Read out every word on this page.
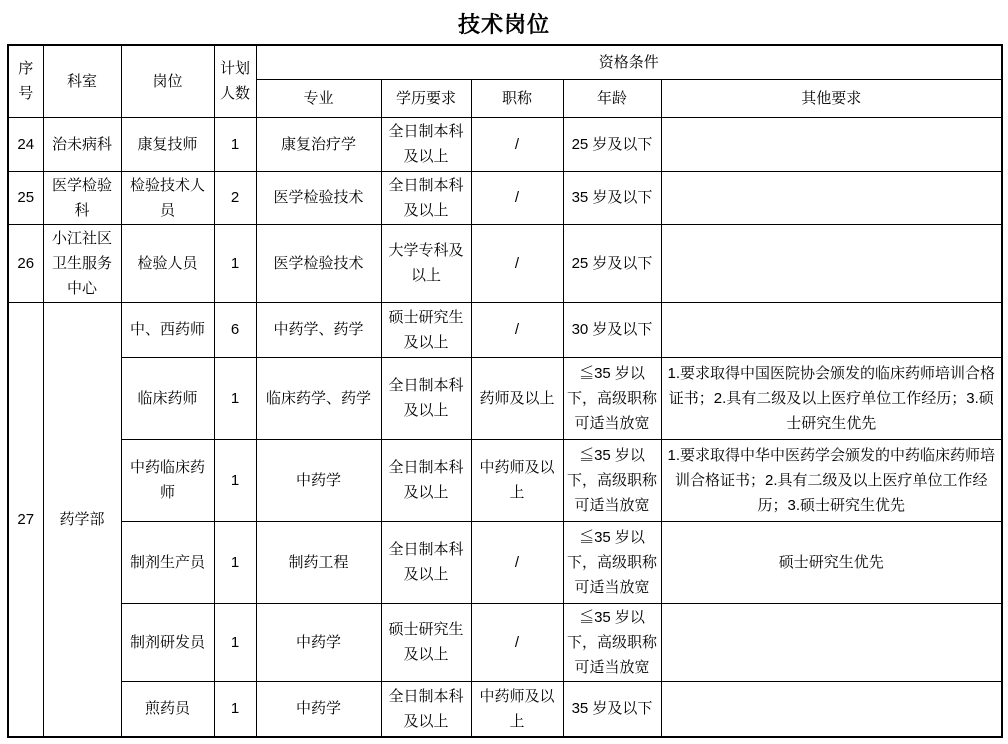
技术岗位
序号	科室	岗位	计划人数	资格条件				
				专业	学历要求	职称	年龄	其他要求
24	治未病科	康复技师	1	康复治疗学	全日制本科及以上	/	25 岁及以下	
25	医学检验科	检验技术人员	2	医学检验技术	全日制本科及以上	/	35 岁及以下	
26	小江社区卫生服务中心	检验人员	1	医学检验技术	大学专科及以上	/	25 岁及以下	
27	药学部	中、西药师	6	中药学、药学	硕士研究生及以上	/	30 岁及以下	
		临床药师	1	临床药学、药学	全日制本科及以上	药师及以上	≦35 岁以下，高级职称可适当放宽	1.要求取得中国医院协会颁发的临床药师培训合格证书；2.具有二级及以上医疗单位工作经历；3.硕士研究生优先
		中药临床药师	1	中药学	全日制本科及以上	中药师及以上	≦35 岁以下，高级职称可适当放宽	1.要求取得中华中医药学会颁发的中药临床药师培训合格证书；2.具有二级及以上医疗单位工作经历；3.硕士研究生优先
		制剂生产员	1	制药工程	全日制本科及以上	/	≦35 岁以下，高级职称可适当放宽	硕士研究生优先
		制剂研发员	1	中药学	硕士研究生及以上	/	≦35 岁以下，高级职称可适当放宽	
		煎药员	1	中药学	全日制本科及以上	中药师及以上	35 岁及以下	
